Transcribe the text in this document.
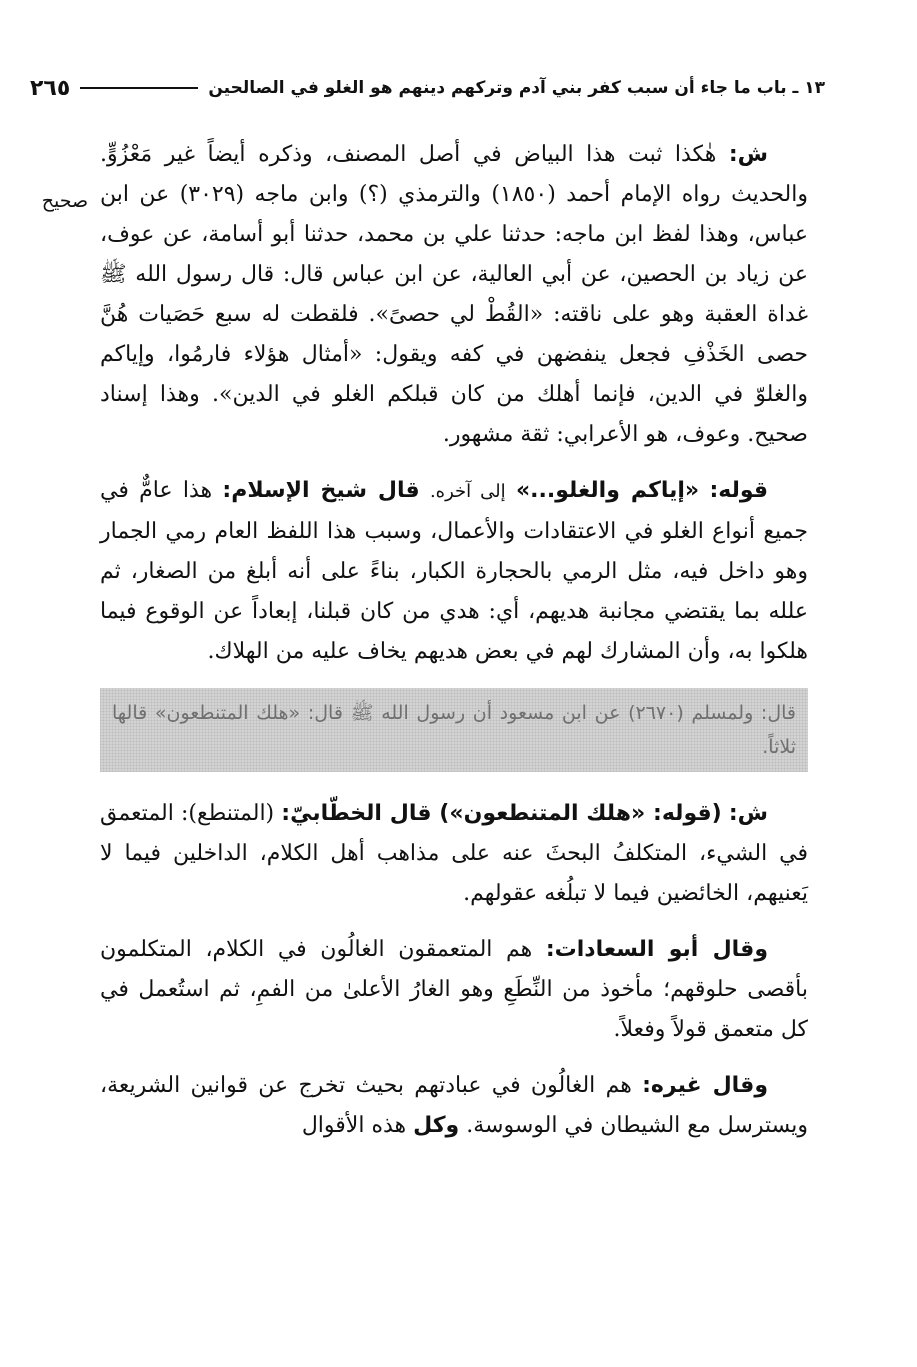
١٣ ـ باب ما جاء أن سبب كفر بني آدم وتركهم دينهم هو الغلو في الصالحين
٢٦٥
صحيح

ش: هٰكذا ثبت هذا البياض في أصل المصنف، وذكره أيضاً غير مَعْزُوٍّ. والحديث رواه الإمام أحمد (١٨٥٠) والترمذي (؟) وابن ماجه (٣٠٢٩) عن ابن عباس، وهذا لفظ ابن ماجه: حدثنا علي بن محمد، حدثنا أبو أسامة، عن عوف، عن زياد بن الحصين، عن أبي العالية، عن ابن عباس قال: قال رسول الله ﷺ غداة العقبة وهو على ناقته: «القُطْ لي حصىً». فلقطت له سبع حَصَيات هُنَّ حصى الخَذْفِ فجعل ينفضهن في كفه ويقول: «أمثال هؤلاء فارمُوا، وإياكم والغلوّ في الدين، فإنما أهلك من كان قبلكم الغلو في الدين». وهذا إسناد صحيح. وعوف، هو الأعرابي: ثقة مشهور.

قوله: «إياكم والغلو...» إلى آخره. قال شيخ الإسلام: هذا عامٌّ في جميع أنواع الغلو في الاعتقادات والأعمال، وسبب هذا اللفظ العام رمي الجمار وهو داخل فيه، مثل الرمي بالحجارة الكبار، بناءً على أنه أبلغ من الصغار، ثم علله بما يقتضي مجانبة هديهم، أي: هدي من كان قبلنا، إبعاداً عن الوقوع فيما هلكوا به، وأن المشارك لهم في بعض هديهم يخاف عليه من الهلاك.

قال: ولمسلم (٢٦٧٠) عن ابن مسعود أن رسول الله ﷺ قال: «هلك المتنطعون» قالها ثلاثاً.

ش: (قوله: «هلك المتنطعون») قال الخطّابيّ: (المتنطع): المتعمق في الشيء، المتكلفُ البحثَ عنه على مذاهب أهل الكلام، الداخلين فيما لا يَعنيهم، الخائضين فيما لا تبلُغه عقولهم.

وقال أبو السعادات: هم المتعمقون الغالُون في الكلام، المتكلمون بأقصى حلوقهم؛ مأخوذ من النِّطَعِ وهو الغارُ الأعلىٰ من الفمِ، ثم استُعمل في كل متعمق قولاً وفعلاً.

وقال غيره: هم الغالُون في عبادتهم بحيث تخرج عن قوانين الشريعة، ويسترسل مع الشيطان في الوسوسة. وكل هذه الأقوال
